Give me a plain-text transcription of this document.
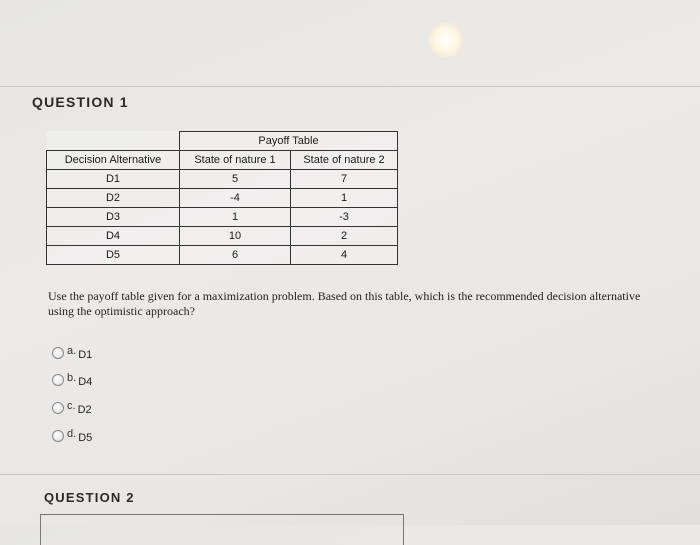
QUESTION 1
	Payoff Table	
Decision Alternative	State of nature 1	State of nature 2
D1	5	7
D2	-4	1
D3	1	-3
D4	10	2
D5	6	4
Use the payoff table given for a maximization problem. Based on this table, which is the recommended decision alternative using the optimistic approach?
a. D1
b. D4
c. D2
d. D5
QUESTION 2
